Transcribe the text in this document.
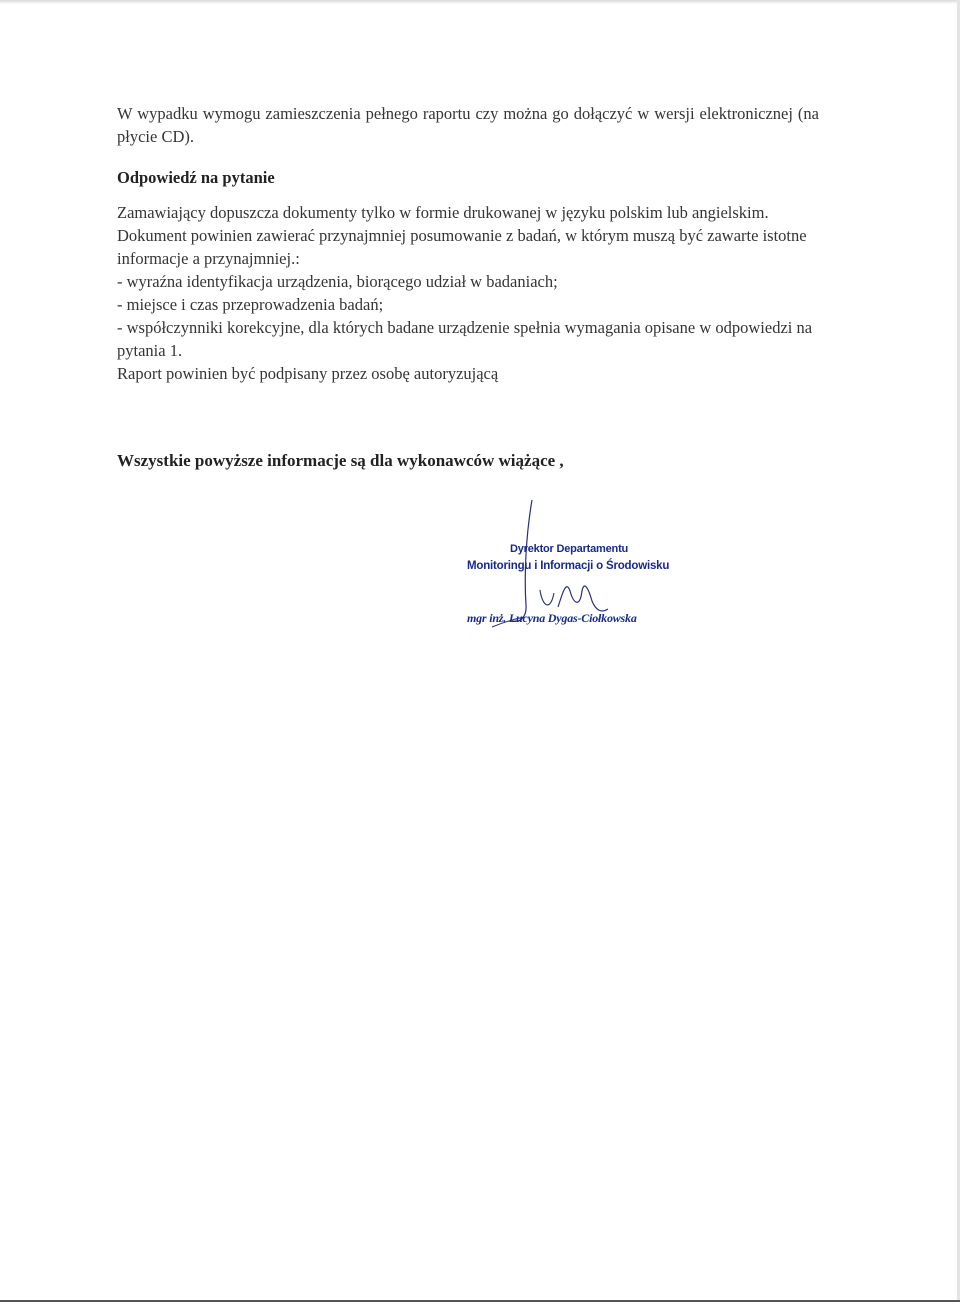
W wypadku wymogu zamieszczenia pełnego raportu czy można go dołączyć w wersji elektronicznej (na płycie CD).

Odpowiedź na pytanie

Zamawiający dopuszcza dokumenty tylko w formie drukowanej w języku polskim lub angielskim.

Dokument powinien zawierać przynajmniej posumowanie z badań, w którym muszą być zawarte istotne informacje a przynajmniej.:

- wyraźna identyfikacja urządzenia, biorącego udział w badaniach;

- miejsce i czas przeprowadzenia badań;

- współczynniki korekcyjne, dla których badane urządzenie spełnia wymagania opisane w odpowiedzi na pytania 1.

Raport powinien być podpisany przez osobę autoryzującą

Wszystkie powyższe informacje są dla wykonawców wiążące ,

Dyrektor Departamentu
Monitoringu i Informacji o Środowisku
mgr inż. Lucyna Dygas-Ciołkowska
